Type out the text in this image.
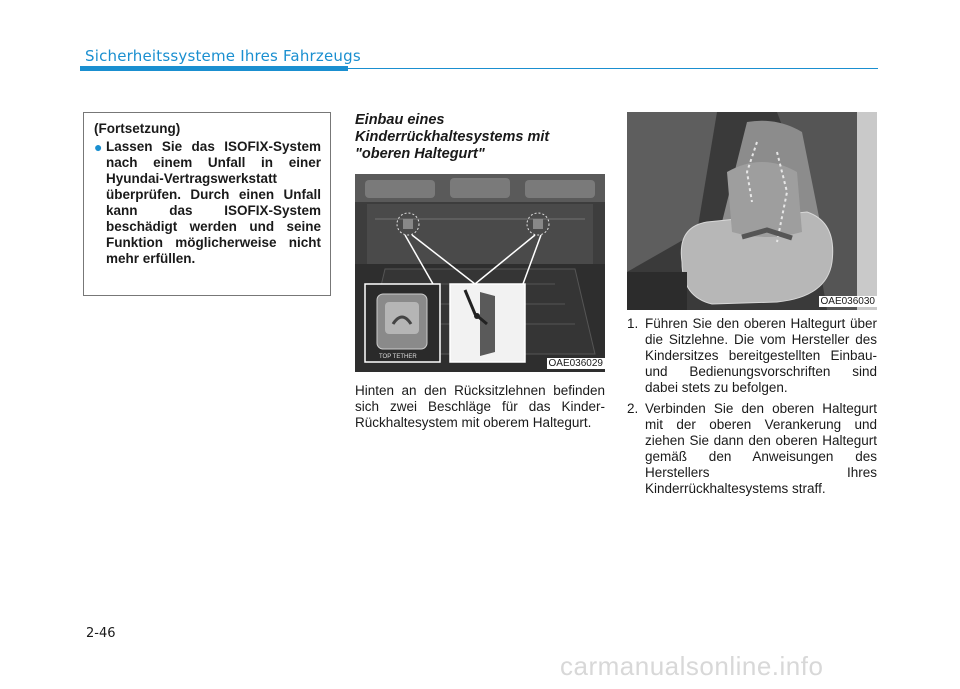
Sicherheitssysteme Ihres Fahrzeugs
(Fortsetzung)
● Lassen Sie das ISOFIX-System nach einem Unfall in einer Hyundai-Vertragswerkstatt überprüfen. Durch einen Unfall kann das ISOFIX-System beschädigt werden und seine Funktion möglicherweise nicht mehr erfüllen.

Einbau eines Kinderrückhaltesystems mit "oberen Haltegurt"

TOP TETHER
OAE036029
Hinten an den Rücksitzlehnen befinden sich zwei Beschläge für das Kinder-Rückhaltesystem mit oberem Haltegurt.
OAE036030
1. Führen Sie den oberen Haltegurt über die Sitzlehne. Die vom Hersteller des Kindersitzes bereitgestellten Einbau- und Bedienungsvorschriften sind dabei stets zu befolgen.
2. Verbinden Sie den oberen Haltegurt mit der oberen Verankerung und ziehen Sie dann den oberen Haltegurt gemäß den Anweisungen des Herstellers Ihres Kinderrückhaltesystems straff.
2-46
carmanualsonline.info
